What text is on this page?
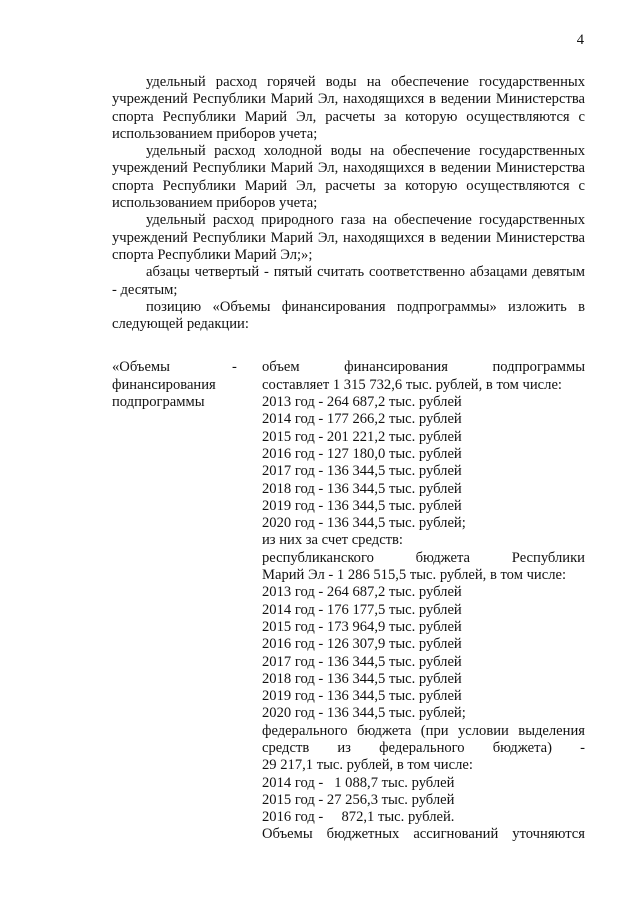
4

удельный расход горячей воды на обеспечение государственных учреждений Республики Марий Эл, находящихся в ведении Министерства спорта Республики Марий Эл, расчеты за которую осуществляются с использованием приборов учета;

удельный расход холодной воды на обеспечение государственных учреждений Республики Марий Эл, находящихся в ведении Министерства спорта Республики Марий Эл, расчеты за которую осуществляются с использованием приборов учета;

удельный расход природного газа на обеспечение государственных учреждений Республики Марий Эл, находящихся в ведении Министерства спорта Республики Марий Эл;»;

абзацы четвертый - пятый считать соответственно абзацами девятым - десятым;

позицию «Объемы финансирования подпрограммы» изложить в следующей редакции:

«Объемы
финансирования
подпрограммы
-	объем финансирования подпрограммы
составляет 1 315 732,6 тыс. рублей, в том числе:
2013 год - 264 687,2 тыс. рублей
2014 год - 177 266,2 тыс. рублей
2015 год - 201 221,2 тыс. рублей
2016 год - 127 180,0 тыс. рублей
2017 год - 136 344,5 тыс. рублей
2018 год - 136 344,5 тыс. рублей
2019 год - 136 344,5 тыс. рублей
2020 год - 136 344,5 тыс. рублей;
из них за счет средств:
республиканского бюджета Республики
Марий Эл - 1 286 515,5 тыс. рублей, в том числе:
2013 год - 264 687,2 тыс. рублей
2014 год - 176 177,5 тыс. рублей
2015 год - 173 964,9 тыс. рублей
2016 год - 126 307,9 тыс. рублей
2017 год - 136 344,5 тыс. рублей
2018 год - 136 344,5 тыс. рублей
2019 год - 136 344,5 тыс. рублей
2020 год - 136 344,5 тыс. рублей;
федерального бюджета (при условии выделения
средств из федерального бюджета) -
29 217,1 тыс. рублей, в том числе:
2014 год -   1 088,7 тыс. рублей
2015 год - 27 256,3 тыс. рублей
2016 год -     872,1 тыс. рублей.
Объемы бюджетных ассигнований уточняются
